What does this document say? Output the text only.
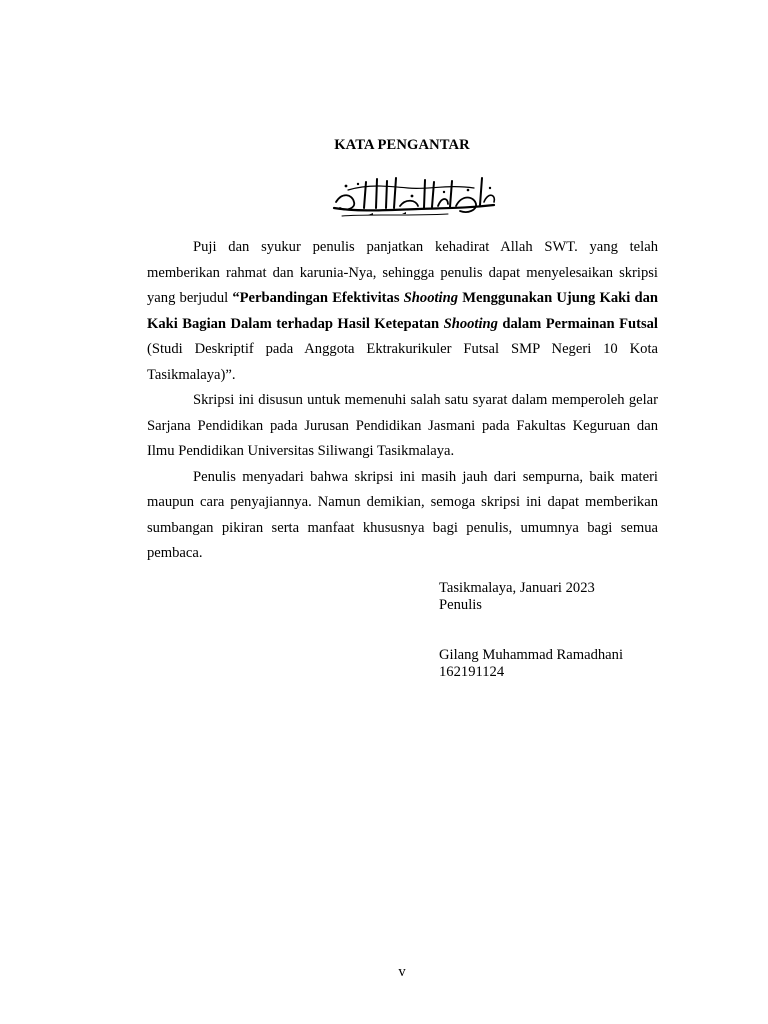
KATA PENGANTAR

Puji dan syukur penulis panjatkan kehadirat Allah SWT. yang telah memberikan rahmat dan karunia-Nya, sehingga penulis dapat menyelesaikan skripsi yang berjudul “Perbandingan Efektivitas Shooting Menggunakan Ujung Kaki dan Kaki Bagian Dalam terhadap Hasil Ketepatan Shooting dalam Permainan Futsal (Studi Deskriptif pada Anggota Ektrakurikuler Futsal SMP Negeri 10 Kota Tasikmalaya)”.

Skripsi ini disusun untuk memenuhi salah satu syarat dalam memperoleh gelar Sarjana Pendidikan pada Jurusan Pendidikan Jasmani pada Fakultas Keguruan dan Ilmu Pendidikan Universitas Siliwangi Tasikmalaya.

Penulis menyadari bahwa skripsi ini masih jauh dari sempurna, baik materi maupun cara penyajiannya. Namun demikian, semoga skripsi ini dapat memberikan sumbangan pikiran serta manfaat khususnya bagi penulis, umumnya bagi semua pembaca.

Tasikmalaya, Januari 2023
Penulis
Gilang Muhammad Ramadhani
162191124
v
